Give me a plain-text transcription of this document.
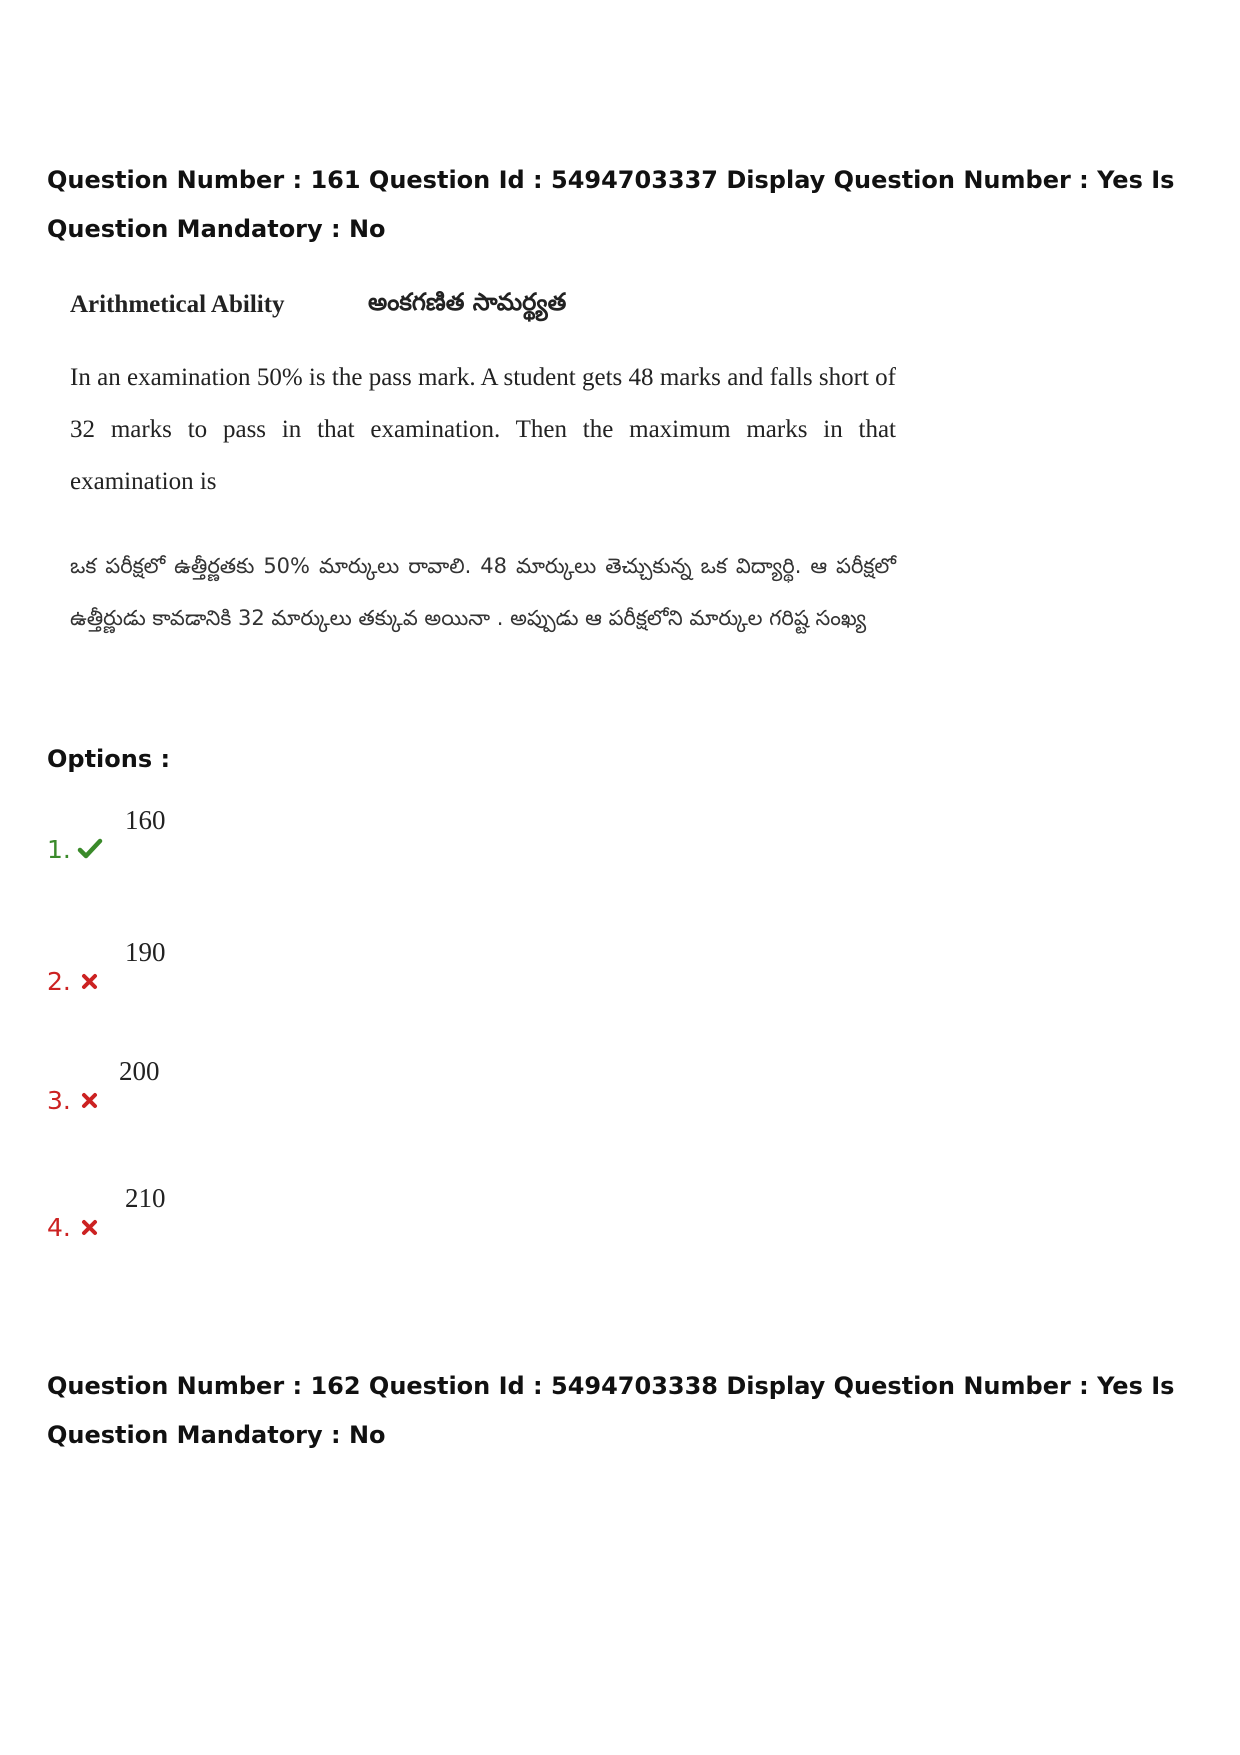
Question Number : 161 Question Id : 5494703337 Display Question Number : Yes Is Question Mandatory : No
Arithmetical Ability	అంకగణిత సామర్థ్యత
In an examination 50% is the pass mark. A student gets 48 marks and falls short of 32 marks to pass in that examination. Then the maximum marks in that examination is
ఒక పరీక్షలో ఉత్తీర్ణతకు 50% మార్కులు రావాలి. 48 మార్కులు తెచ్చుకున్న ఒక విద్యార్థి. ఆ పరీక్షలో ఉత్తీర్ణుడు కావడానికి 32 మార్కులు తక్కువ అయినా . అప్పుడు ఆ పరీక్షలోని మార్కుల గరిష్ట సంఖ్య
Options :
1.
160
2.
190
3.
200
4.
210
Question Number : 162 Question Id : 5494703338 Display Question Number : Yes Is Question Mandatory : No
